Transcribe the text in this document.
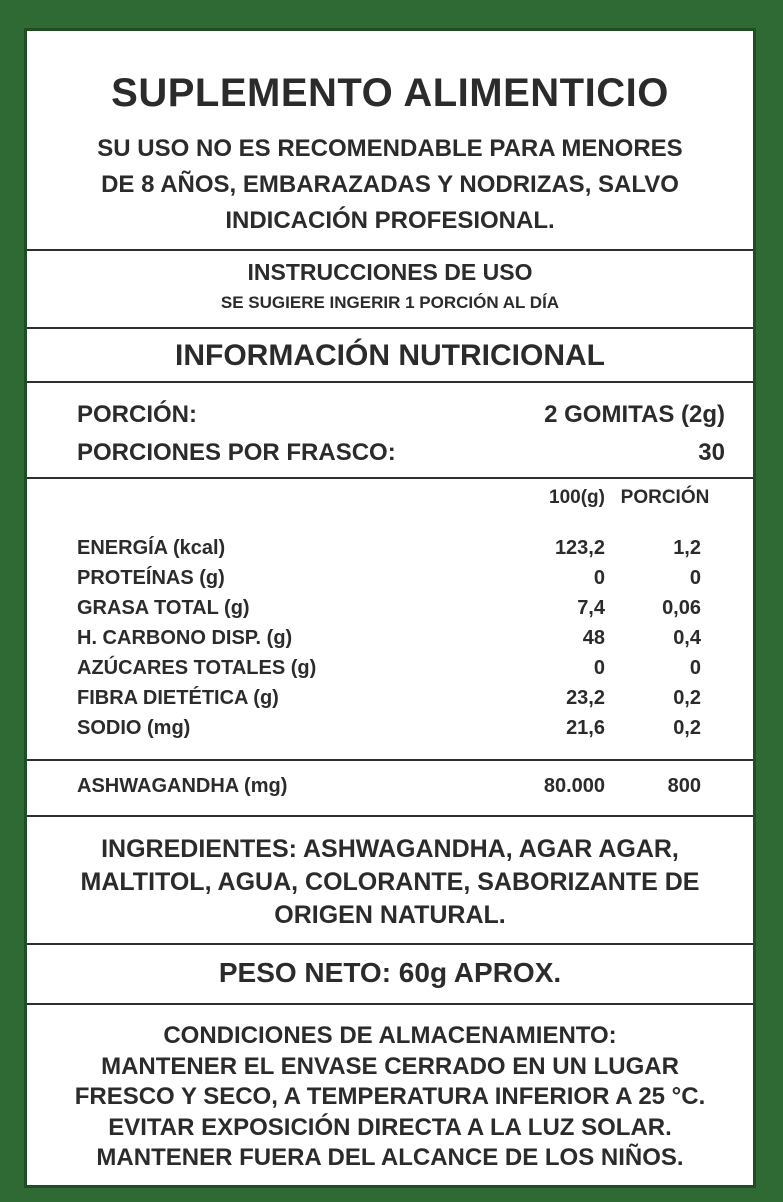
SUPLEMENTO ALIMENTICIO
SU USO NO ES RECOMENDABLE PARA MENORES
DE 8 AÑOS, EMBARAZADAS Y NODRIZAS, SALVO
INDICACIÓN PROFESIONAL.
INSTRUCCIONES DE USO
SE SUGIERE INGERIR 1 PORCIÓN AL DÍA
INFORMACIÓN NUTRICIONAL
PORCIÓN:	2 GOMITAS (2g)
PORCIONES POR FRASCO:	30
100(g) PORCIÓN
ENERGÍA (kcal)	123,2	1,2
PROTEÍNAS (g)	0	0
GRASA TOTAL (g)	7,4	0,06
H. CARBONO DISP. (g)	48	0,4
AZÚCARES TOTALES (g)	0	0
FIBRA DIETÉTICA (g)	23,2	0,2
SODIO (mg)	21,6	0,2
ASHWAGANDHA (mg)	80.000	800
INGREDIENTES: ASHWAGANDHA, AGAR AGAR,
MALTITOL, AGUA, COLORANTE, SABORIZANTE DE
ORIGEN NATURAL.
PESO NETO: 60g APROX.
CONDICIONES DE ALMACENAMIENTO:
MANTENER EL ENVASE CERRADO EN UN LUGAR
FRESCO Y SECO, A TEMPERATURA INFERIOR A 25 °C.
EVITAR EXPOSICIÓN DIRECTA A LA LUZ SOLAR.
MANTENER FUERA DEL ALCANCE DE LOS NIÑOS.
